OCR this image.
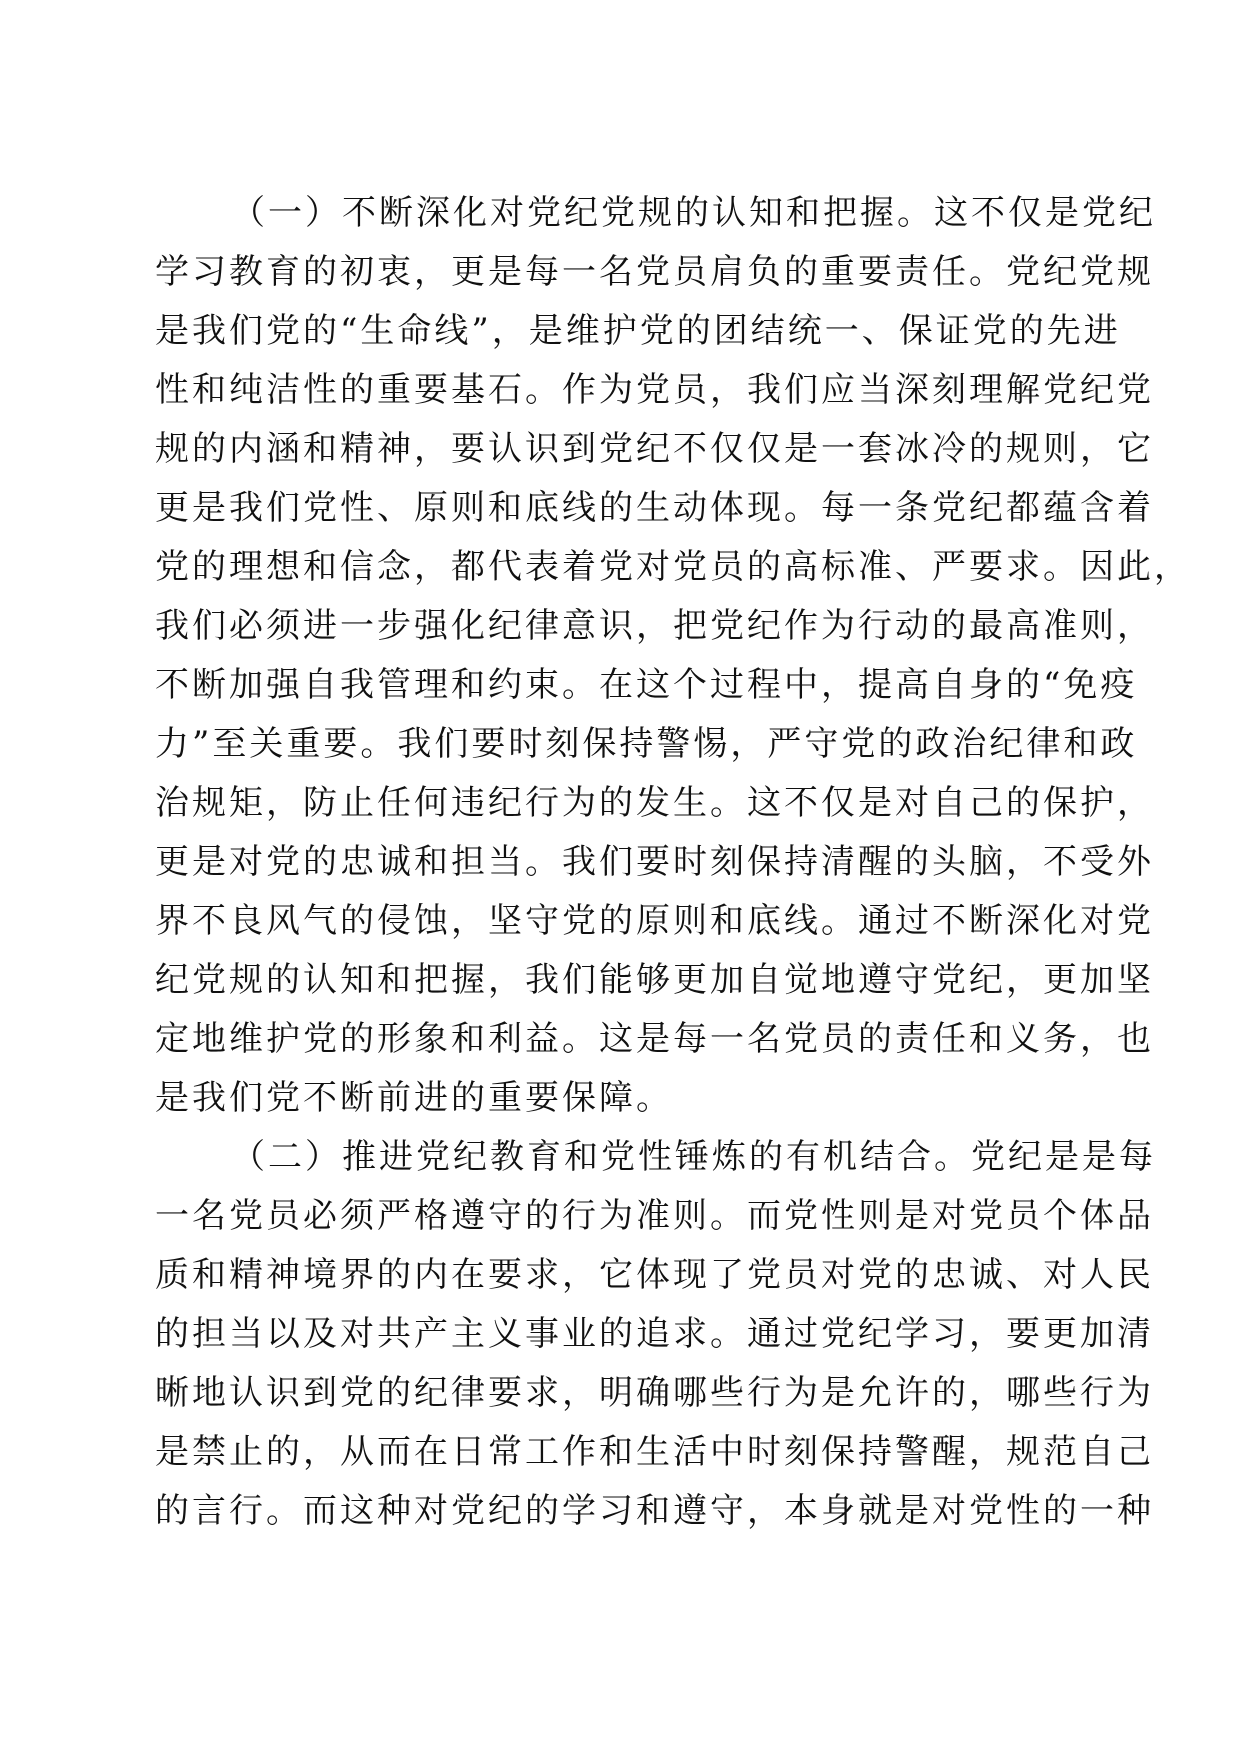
（一）不断深化对党纪党规的认知和把握。这不仅是党纪
学习教育的初衷，更是每一名党员肩负的重要责任。党纪党规
是我们党的“生命线”，是维护党的团结统一、保证党的先进
性和纯洁性的重要基石。作为党员，我们应当深刻理解党纪党
规的内涵和精神，要认识到党纪不仅仅是一套冰冷的规则，它
更是我们党性、原则和底线的生动体现。每一条党纪都蕴含着
党的理想和信念，都代表着党对党员的高标准、严要求。因此，
我们必须进一步强化纪律意识，把党纪作为行动的最高准则，
不断加强自我管理和约束。在这个过程中，提高自身的“免疫
力”至关重要。我们要时刻保持警惕，严守党的政治纪律和政
治规矩，防止任何违纪行为的发生。这不仅是对自己的保护，
更是对党的忠诚和担当。我们要时刻保持清醒的头脑，不受外
界不良风气的侵蚀，坚守党的原则和底线。通过不断深化对党
纪党规的认知和把握，我们能够更加自觉地遵守党纪，更加坚
定地维护党的形象和利益。这是每一名党员的责任和义务，也
是我们党不断前进的重要保障。
（二）推进党纪教育和党性锤炼的有机结合。党纪是是每
一名党员必须严格遵守的行为准则。而党性则是对党员个体品
质和精神境界的内在要求，它体现了党员对党的忠诚、对人民
的担当以及对共产主义事业的追求。通过党纪学习，要更加清
晰地认识到党的纪律要求，明确哪些行为是允许的，哪些行为
是禁止的，从而在日常工作和生活中时刻保持警醒，规范自己
的言行。而这种对党纪的学习和遵守，本身就是对党性的一种
